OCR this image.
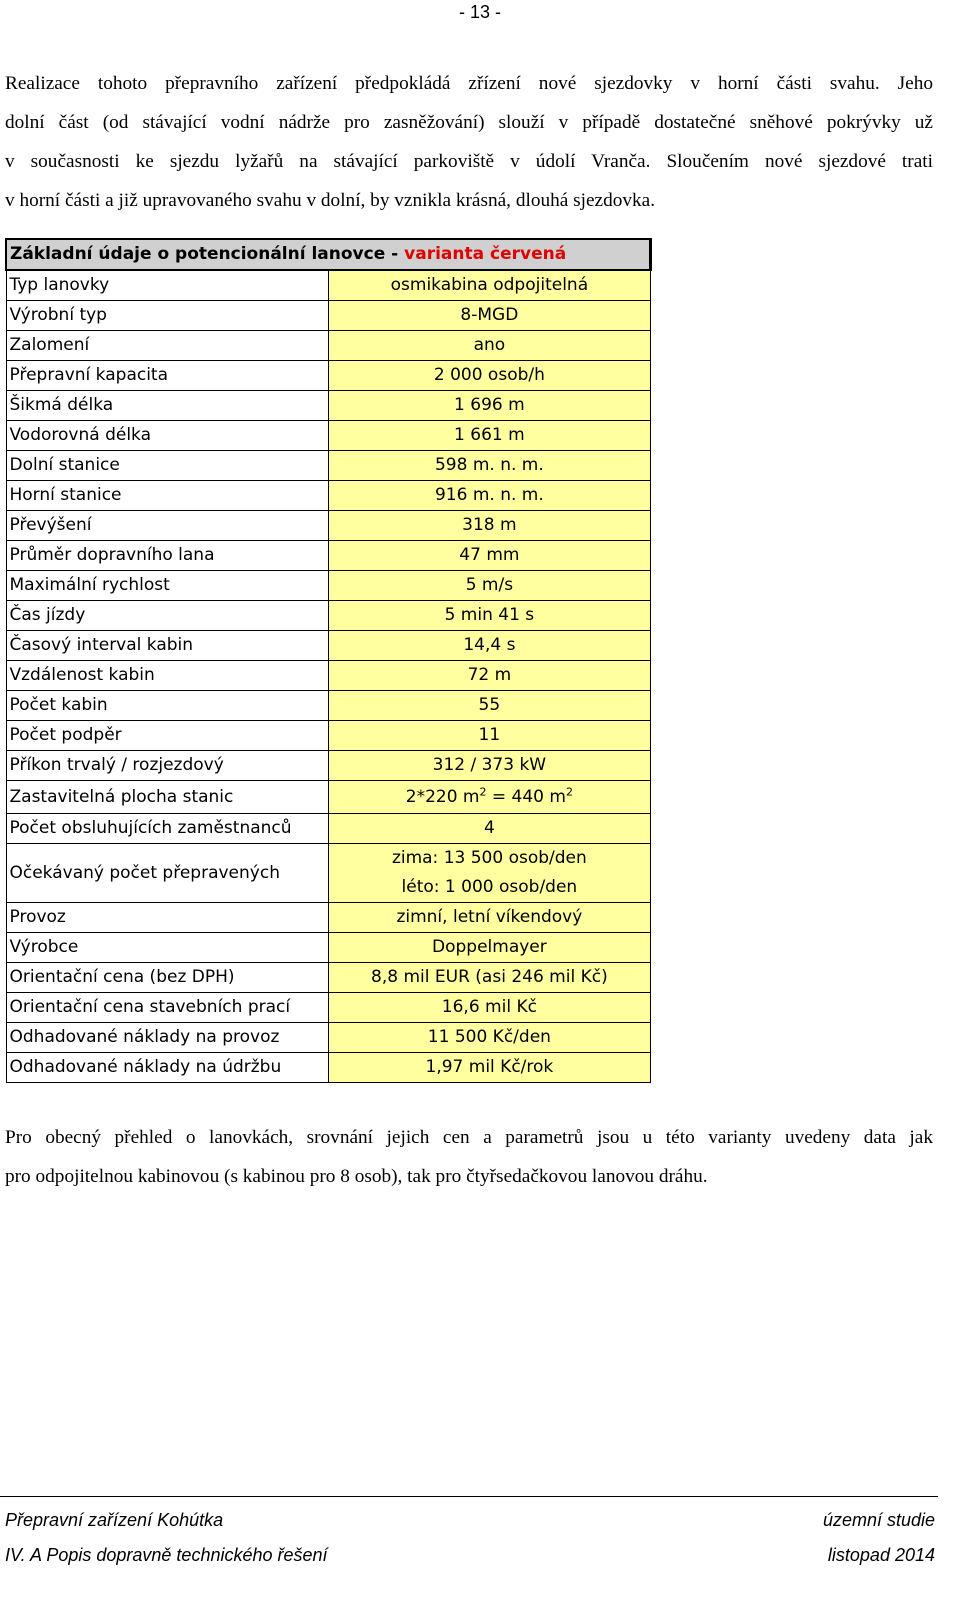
- 13 -

Realizace tohoto přepravního zařízení předpokládá zřízení nové sjezdovky v horní části svahu. Jeho
dolní část (od stávající vodní nádrže pro zasněžování) slouží v případě dostatečné sněhové pokrývky už
v současnosti ke sjezdu lyžařů na stávající parkoviště v údolí Vranča. Sloučením nové sjezdové trati
v horní části a již upravovaného svahu v dolní, by vznikla krásná, dlouhá sjezdovka.

Základní údaje o potencionální lanovce - varianta červená	
Typ lanovky	osmikabina odpojitelná
Výrobní typ	8-MGD
Zalomení	ano
Přepravní kapacita	2 000 osob/h
Šikmá délka	1 696 m
Vodorovná délka	1 661 m
Dolní stanice	598 m. n. m.
Horní stanice	916 m. n. m.
Převýšení	318 m
Průměr dopravního lana	47 mm
Maximální rychlost	5 m/s
Čas jízdy	5 min 41 s
Časový interval kabin	14,4 s
Vzdálenost kabin	72 m
Počet kabin	55
Počet podpěr	11
Příkon trvalý / rozjezdový	312 / 373 kW
Zastavitelná plocha stanic	2*220 $m^2 = 440$ $m^2$
Počet obsluhujících zaměstnanců	4
Očekávaný počet přepravených	zima: 13 500 osob/den
léto: 1 000 osob/den

Provoz	zimní, letní víkendový
Výrobce	Doppelmayer
Orientační cena (bez DPH)	8,8 mil EUR (asi 246 mil Kč)
Orientační cena stavebních prací	16,6 mil Kč
Odhadované náklady na provoz	11 500 Kč/den
Odhadované náklady na údržbu	1,97 mil Kč/rok

Pro obecný přehled o lanovkách, srovnání jejich cen a parametrů jsou u této varianty uvedeny data jak
pro odpojitelnou kabinovou (s kabinou pro 8 osob), tak pro čtyřsedačkovou lanovou dráhu.

Přepravní zařízení Kohútka	územní studie
IV. A Popis dopravně technického řešení	listopad 2014
